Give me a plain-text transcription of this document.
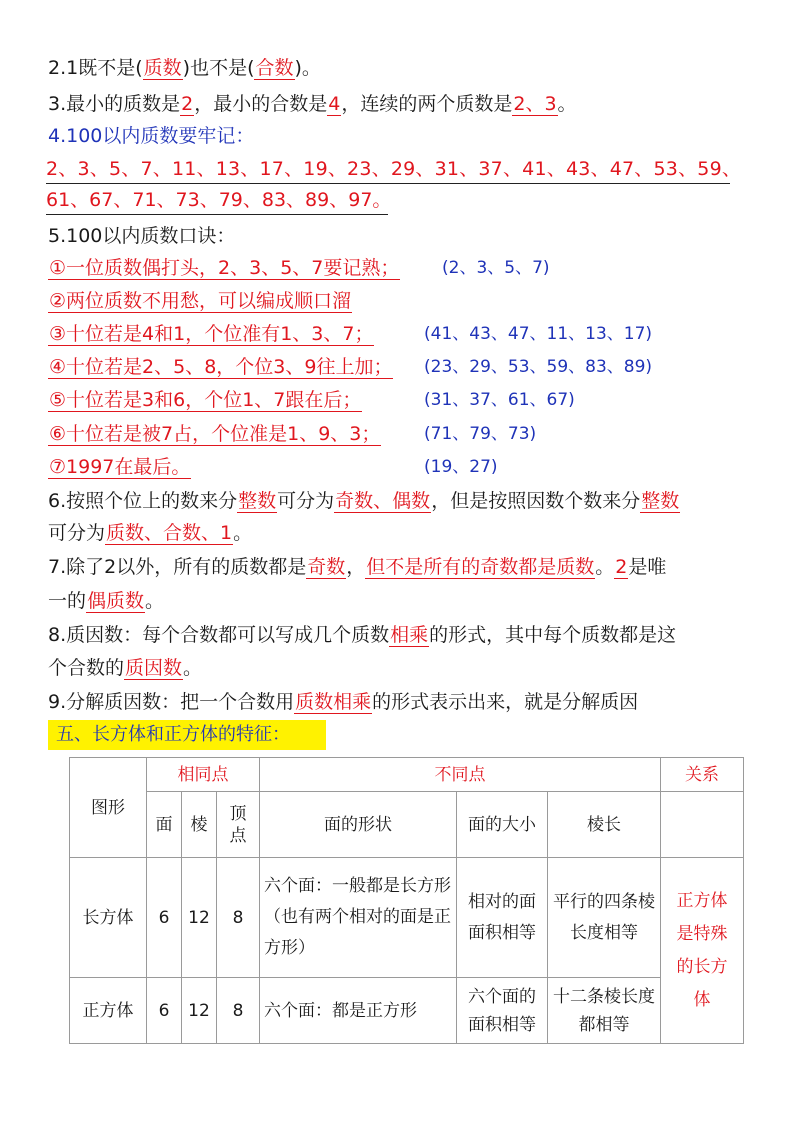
2.1既不是(质数)也不是(合数)。
3.最小的质数是2，最小的合数是4，连续的两个质数是2、3。
4.100以内质数要牢记：
2、3、5、7、11、13、17、19、23、29、31、37、41、43、47、53、59、
61、67、71、73、79、83、89、97。
5.100以内质数口诀：
①一位质数偶打头，2、3、5、7要记熟；	(2、3、5、7)
②两位质数不用愁，可以编成顺口溜
③十位若是4和1，个位准有1、3、7；	(41、43、47、11、13、17)
④十位若是2、5、8，个位3、9往上加； (23、29、53、59、83、89)
⑤十位若是3和6，个位1、7跟在后；	(31、37、61、67)
⑥十位若是被7占，个位准是1、9、3；	(71、79、73)
⑦1997在最后。	(19、27)
6.按照个位上的数来分整数可分为奇数、偶数，但是按照因数个数来分整数
可分为质数、合数、1。
7.除了2以外，所有的质数都是奇数，但不是所有的奇数都是质数。2是唯
一的偶质数。
8.质因数：每个合数都可以写成几个质数相乘的形式，其中每个质数都是这
个合数的质因数。
9.分解质因数：把一个合数用质数相乘的形式表示出来，就是分解质因
五、长方体和正方体的特征：
图形	相同点			不同点			关系
	面	棱	顶点	面的形状	面的大小	棱长	
长方体	6	12	8	六个面：一般都是长方形（也有两个相对的面是正方形）	相对的面面积相等	平行的四条棱长度相等	正方体是特殊的长方体
正方体	6	12	8	六个面：都是正方形	六个面的面积相等	十二条棱长度都相等	
